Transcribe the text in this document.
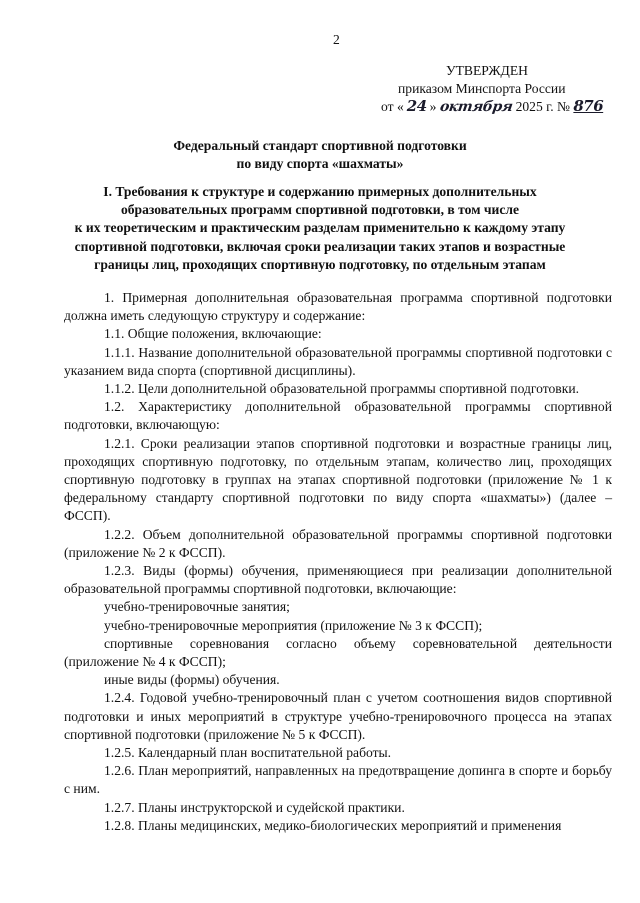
2
УТВЕРЖДЕН
приказом Минспорта России
от « 24 » октября 2025 г. № 876
Федеральный стандарт спортивной подготовки
по виду спорта «шахматы»
I. Требования к структуре и содержанию примерных дополнительных
образовательных программ спортивной подготовки, в том числе
к их теоретическим и практическим разделам применительно к каждому этапу
спортивной подготовки, включая сроки реализации таких этапов и возрастные
границы лиц, проходящих спортивную подготовку, по отдельным этапам

1. Примерная дополнительная образовательная программа спортивной подготовки должна иметь следующую структуру и содержание:

1.1. Общие положения, включающие:

1.1.1. Название дополнительной образовательной программы спортивной подготовки с указанием вида спорта (спортивной дисциплины).

1.1.2. Цели дополнительной образовательной программы спортивной подготовки.

1.2. Характеристику дополнительной образовательной программы спортивной подготовки, включающую:

1.2.1. Сроки реализации этапов спортивной подготовки и возрастные границы лиц, проходящих спортивную подготовку, по отдельным этапам, количество лиц, проходящих спортивную подготовку в группах на этапах спортивной подготовки (приложение № 1 к федеральному стандарту спортивной подготовки по виду спорта «шахматы») (далее – ФССП).

1.2.2. Объем дополнительной образовательной программы спортивной подготовки (приложение № 2 к ФССП).

1.2.3. Виды (формы) обучения, применяющиеся при реализации дополнительной образовательной программы спортивной подготовки, включающие:

учебно-тренировочные занятия;

учебно-тренировочные мероприятия (приложение № 3 к ФССП);

спортивные соревнования согласно объему соревновательной деятельности (приложение № 4 к ФССП);

иные виды (формы) обучения.

1.2.4. Годовой учебно-тренировочный план с учетом соотношения видов спортивной подготовки и иных мероприятий в структуре учебно-тренировочного процесса на этапах спортивной подготовки (приложение № 5 к ФССП).

1.2.5. Календарный план воспитательной работы.

1.2.6. План мероприятий, направленных на предотвращение допинга в спорте и борьбу с ним.

1.2.7. Планы инструкторской и судейской практики.

1.2.8. Планы медицинских, медико-биологических мероприятий и применения
